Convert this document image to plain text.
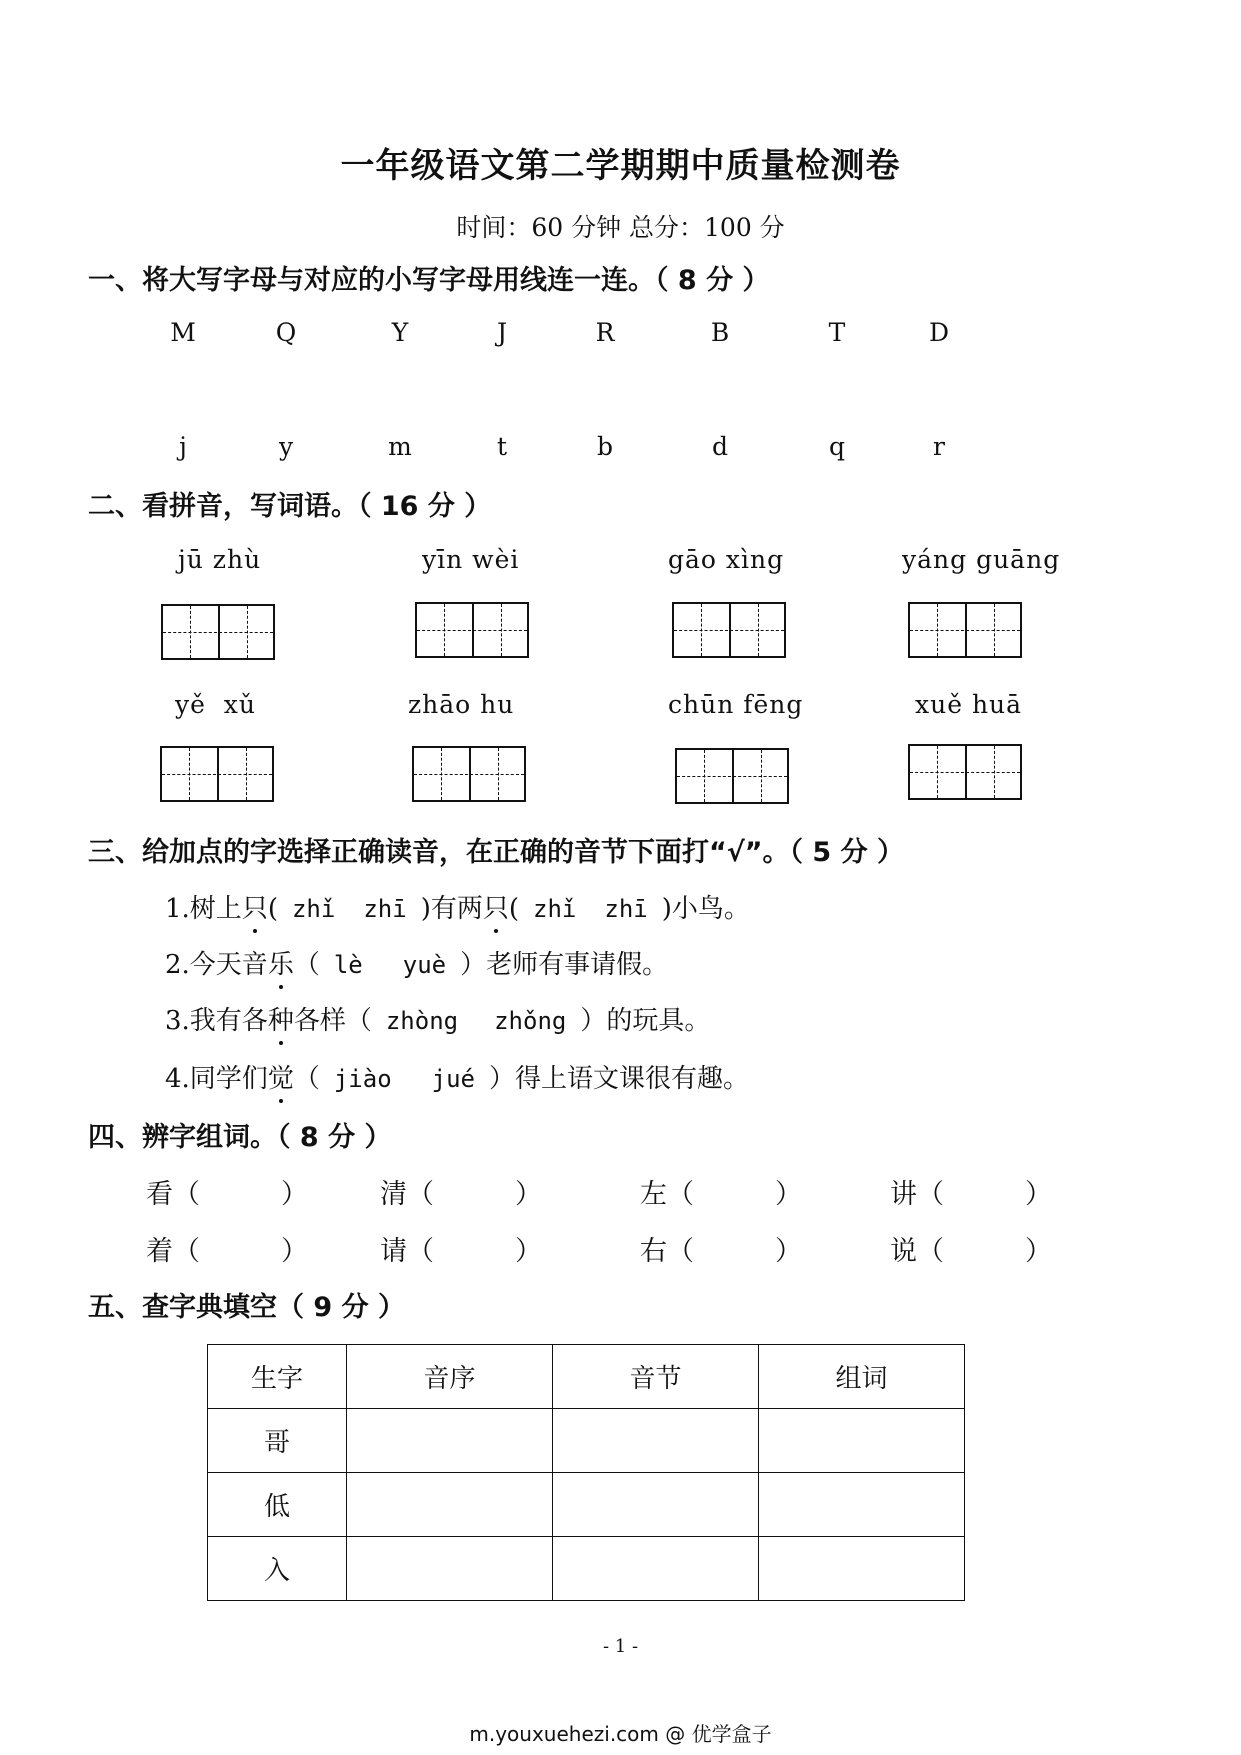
一年级语文第二学期期中质量检测卷
时间：60 分钟 总分：100 分
一、将大写字母与对应的小写字母用线连一连。（ 8 分 ）
M	Q	Y	J	R	B	T	D
j	y	m	t	b	d	q	r
二、看拼音，写词语。（ 16 分 ）
jū zhù	yīn wèi	gāo xìng	yáng guāng
yě  xǔ	zhāo hu	chūn fēng	xuě huā
三、给加点的字选择正确读音，在正确的音节下面打“√”。（ 5 分 ）
1.树上只( zhǐ zhī )有两只( zhǐ zhī )小鸟。
2.今天音乐（ lè yuè ）老师有事请假。
3.我有各种各样（ zhòng zhǒng ）的玩具。
4.同学们觉（ jiào jué ）得上语文课很有趣。
四、辨字组词。（ 8 分 ）
看（　　　）	清（　　　）	左（　　　）	讲（　　　）
着（　　　）	请（　　　）	右（　　　）	说（　　　）
五、查字典填空（ 9 分 ）
生字	音序	音节	组词
哥			
低			
入			
- 1 -
m.youxuehezi.com @ 优学盒子
